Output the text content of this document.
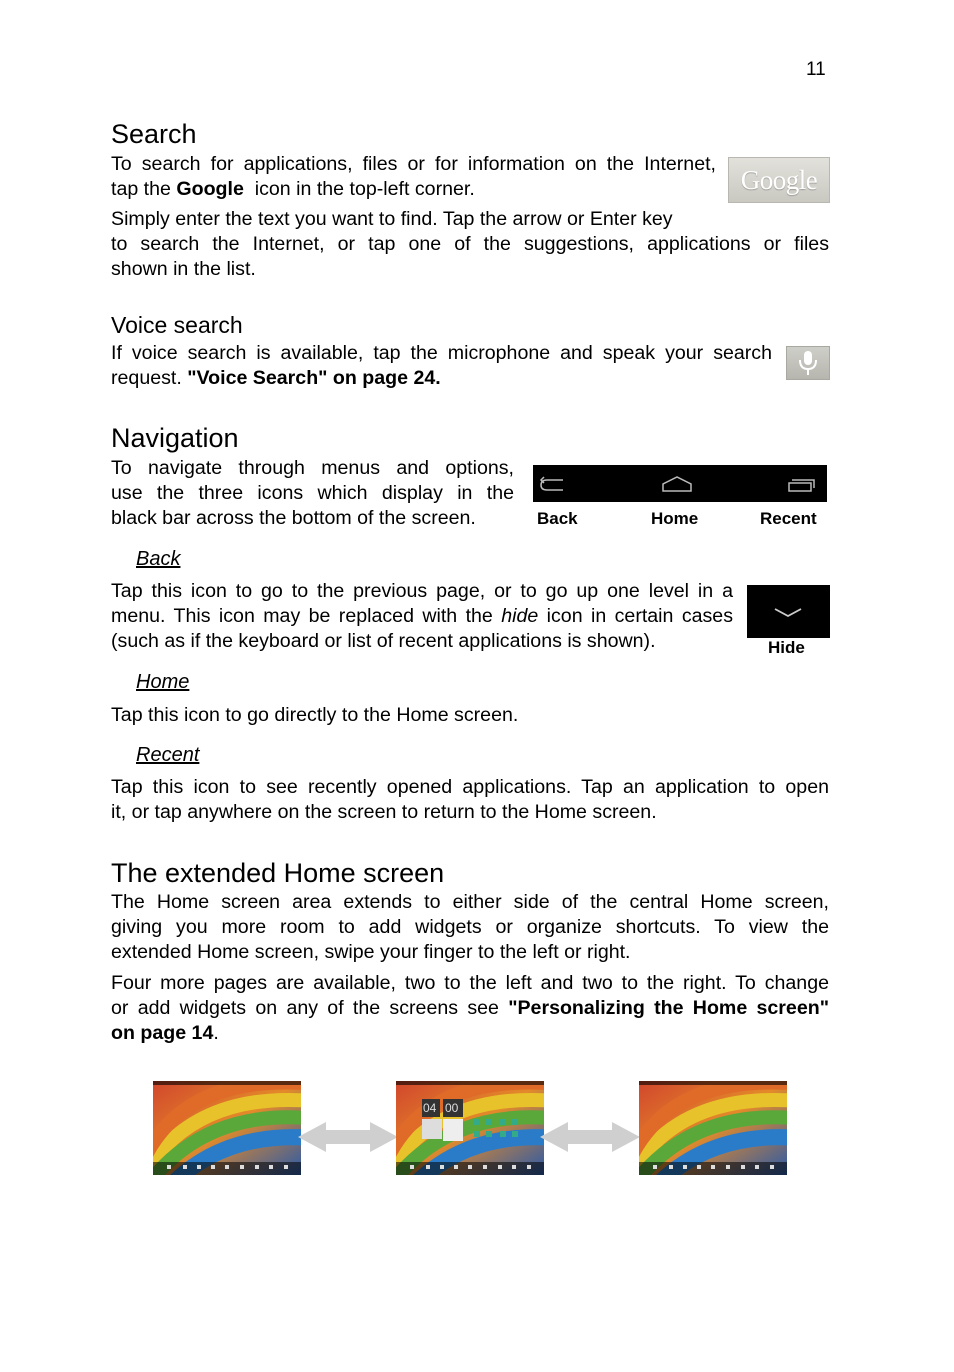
11
Search

To search for applications, files or for information on the Internet,
tap the Google  icon in the top-left corner.	Google

Simply enter the text you want to find. Tap the arrow or Enter key
to search the Internet, or tap one of the suggestions, applications or files
shown in the list.

Voice search

If voice search is available, tap the microphone and speak your search
request. "Voice Search" on page 24.

Navigation

To navigate through menus and options,
use the three icons which display in the
black bar across the bottom of the screen.	Back	Home	Recent
Back

Tap this icon to go to the previous page, or to go up one level in a
menu. This icon may be replaced with the hide icon in certain cases
(such as if the keyboard or list of recent applications is shown).	Hide
Home

Tap this icon to go directly to the Home screen.

Recent

Tap this icon to see recently opened applications. Tap an application to open
it, or tap anywhere on the screen to return to the Home screen.

The extended Home screen

The Home screen area extends to either side of the central Home screen,
giving you more room to add widgets or organize shortcuts. To view the
extended Home screen, swipe your finger to the left or right.

Four more pages are available, two to the left and two to the right. To change
or add widgets on any of the screens see "Personalizing the Home screen"
on page 14.

04 00
